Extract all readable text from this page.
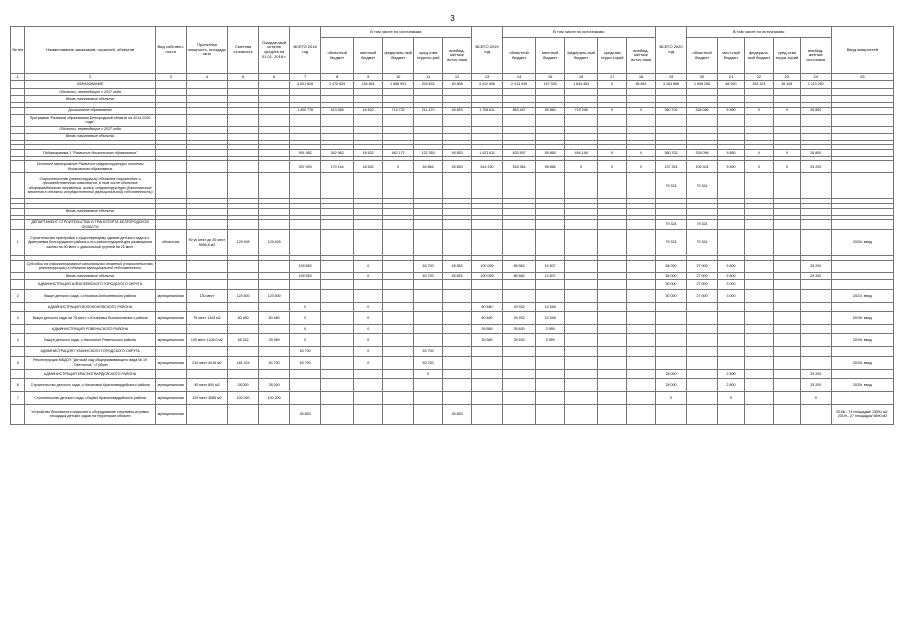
3
№ п/п	Наименование заказчиков, отраслей, объектов	Вид собствен-ности	Проектная мощность, площадь кв.м	Сметная стоимость	Ожидае-мый остаток средств на 01.01. 2018 г.	ВСЕГО 2018 год	В том числе по источникам:					ВСЕГО 2019 год	В том числе по источникам:					ВСЕГО 2020 год	В том числе по источникам:					Ввод мощностей
							областной бюджет	местный бюджет	федераль-ный бюджет	сред-ства террито-рий	внебюд-жетные источ-ники		областной бюджет	местный бюджет	федераль-ный бюджет	средства терри-торий	внебюд-жетные источ-ники		областной бюджет	мест-ный бюджет	федераль-ный бюджет	сред-ства терри-торий	внебюд-жетные источники	
1	2	3	4	5	6	7	8	9	10	11	12	13	14	15	16	17	18	19	20	21	22	23	24	25
	ОБРАЗОВАНИЕ					4 621 828	2 470 829	154 801	1 688 991	203 632	63 808	4 412 696	2 013 049	197 335	1 634 463	0	65 851	3 164 866	1 848 256	66 920	353 323	26 108	1 113 260	
	Объекты, переходящие с 2017 года																							
	Вновь начинаемые объекты																							

	Дошкольное образование					1 400 776	410 085	18 632	714 732	211 470	45 853	1 708 611	853 447	95 860	719 298	0	0	360 702	328 096	5 890	0	0	26 800	
	Программа "Развитие образования Белгородской области на 2014-2020 годы"																							
	Объекты, переходящие с 2017 года																							
	Вновь начинаемые объекты																							

	Подпрограмма 1 "Развитие дошкольного образования"					991 982	342 962	18 632	462 172	122 353	45 853	1 423 611	833 597	95 865	494 148	0	0	360 702	328 096	5 890	0	0	26 800	

	Основное мероприятие Развитие инфраструктуры системы дошкольного образования					307 493	170 144	18 632	0	64 864	45 853	614 230	518 364	95 866	0	0	0	137 324	105 324	5 890	0	0	25 200	
	Строительство (реконструкция) объектов социального и производственного комплексов, в том числе объектов общегражданского назначения, жилья, инфраструктуры (Капитальные вложения в объекты государственной (муниципальной) собственности)																	79 324	79 324					

	Вновь начинаемые объекты																							

	ДЕПАРТАМЕНТ СТРОИТЕЛЬСТВА И ТРАНСПОРТА БЕЛГОРОДСКОЙ ОБЛАСТИ																	79 324	79 324					
1	Строительство пристройки к существующему зданию детского сада в с. Дмитриевка Белгородского района и его реконструкцией для размещения школы на 90 мест с дошкольной группой на 20 мест	областная	90 уч.мест до 20 мест 5996,8 м2	129 409	129 409													79 324	79 324					2020г. ввод

	Субсидии на софинансирование капитальных вложений (строительство, реконструкцию) в объекты муниципальной собственности					109 553		0		63 700	45 853	100 069	85 562	14 507				58 000	27 000	5 800			25 200	
	Вновь начинаемые объекты					109 553		0		63 700	45 853	100 069	85 562	14 507				58 000	27 000	5 800			25 200	
	АДМИНИСТРАЦИЯ АЛЕКСЕЕВСКОГО ГОРОДСКОГО ОКРУГА																	30 000	27 000	3 000				
2	Выкуп детского сада, с.Ильинка Алексеевского района	муниципальная	130 мест	123 600	123 600													30 000	27 000	3 000				2021г. ввод
	АДМИНИСТРАЦИЯ ВОЛОКОНОВСКОГО РАЙОНА					0		0				60 480	49 932	10 548										
3	Выкуп детского сада на 75 мест, с.Ютановка Волоконовского района	муниципальная	75 мест 1344 м2	60 480	60 480	0		0				60 480	49 932	10 548										2019г. ввод
	АДМИНИСТРАЦИЯ РОВЕНЬСКОГО РАЙОНА					0		0				39 589	35 630	3 959										
4	Выкуп детского сада, с.Нагольное Ровеньского района	муниципальная	100 мест 1106,0 м2	46 332	39 589	0		0				39 589	35 630	3 959										2019г. ввод
	АДМИНИСТРАЦИЯ ГУБКИНСКОГО ГОРОДСКОГО ОКРУГА					63 700		0		63 700														
5	Реконструкция МБДОУ "Детский сад общеразвивающего вида № 19 "Светлячок", г.Губкин	муниципальная	210 мест 4016 м2	181 424	63 700	63 700		0		63 700														2019г. ввод
	АДМИНИСТРАЦИЯ КРАСНОГВАРДЕЙСКОГО РАЙОНА									0								28 000		2 800			25 200	
6	Строительство детского сада, с.Никитовка Красногвардейского района	муниципальная	40 мест 800 м2	28 000	28 000													28 000		2 800			25 200	2020г. ввод
7	Строительство детского сада, г.Бирюч Красногвардейского района	муниципальная	120 мест 3085 м2	100 000	100 000													0		0			0	
	Устройство безопасного покрытия и оборудование спортивно-игровых площадок детских садов на территории области	муниципальная				45 853					45 853													2018г.- 74 площадки/ 15591 м2, 2019г.- 27 площадок/ 6890 м2
